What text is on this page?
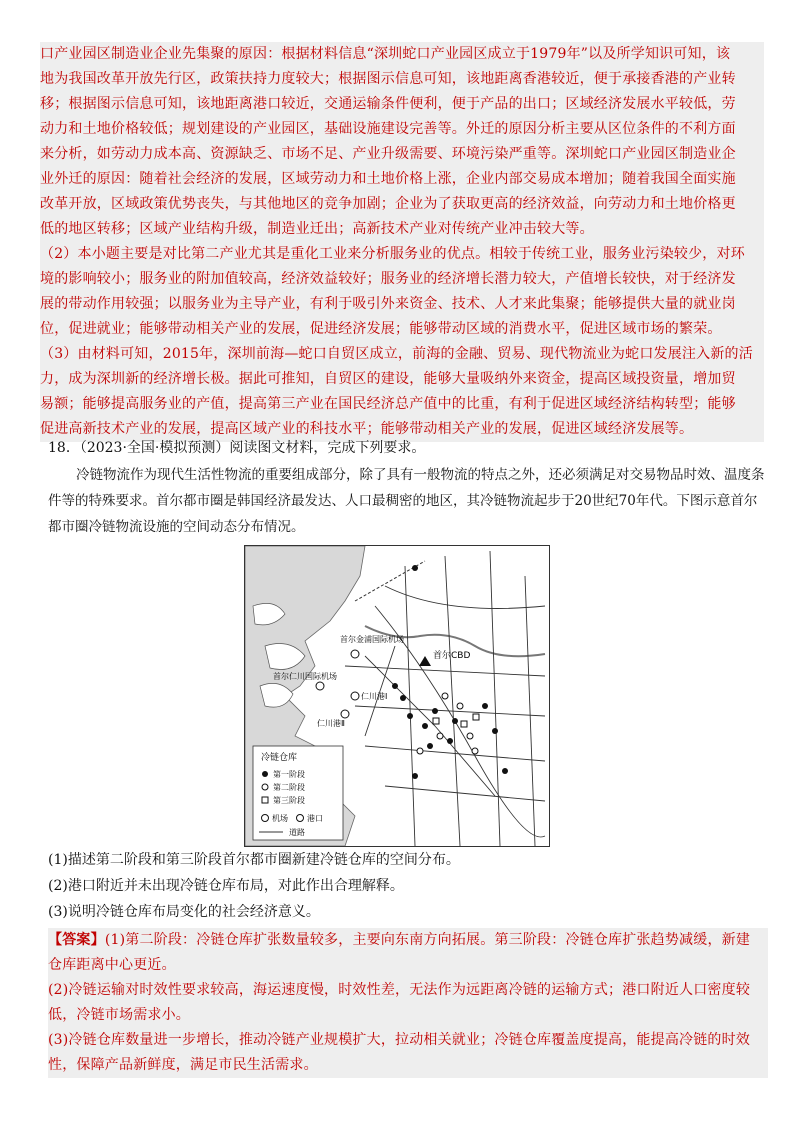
口产业园区制造业企业先集聚的原因：根据材料信息“深圳蛇口产业园区成立于1979年”以及所学知识可知，该

地为我国改革开放先行区，政策扶持力度较大；根据图示信息可知，该地距离香港较近，便于承接香港的产业转

移；根据图示信息可知，该地距离港口较近，交通运输条件便利，便于产品的出口；区域经济发展水平较低，劳

动力和土地价格较低；规划建设的产业园区，基础设施建设完善等。外迁的原因分析主要从区位条件的不利方面

来分析，如劳动力成本高、资源缺乏、市场不足、产业升级需要、环境污染严重等。深圳蛇口产业园区制造业企

业外迁的原因：随着社会经济的发展，区域劳动力和土地价格上涨，企业内部交易成本增加；随着我国全面实施

改革开放，区域政策优势丧失，与其他地区的竞争加剧；企业为了获取更高的经济效益，向劳动力和土地价格更

低的地区转移；区域产业结构升级，制造业迁出；高新技术产业对传统产业冲击较大等。

（2）本小题主要是对比第二产业尤其是重化工业来分析服务业的优点。相较于传统工业，服务业污染较少，对环

境的影响较小；服务业的附加值较高，经济效益较好；服务业的经济增长潜力较大，产值增长较快，对于经济发

展的带动作用较强；以服务业为主导产业，有利于吸引外来资金、技术、人才来此集聚；能够提供大量的就业岗

位，促进就业；能够带动相关产业的发展，促进经济发展；能够带动区域的消费水平，促进区域市场的繁荣。

（3）由材料可知，2015年，深圳前海—蛇口自贸区成立，前海的金融、贸易、现代物流业为蛇口发展注入新的活

力，成为深圳新的经济增长极。据此可推知，自贸区的建设，能够大量吸纳外来资金，提高区域投资量，增加贸

易额；能够提高服务业的产值，提高第三产业在国民经济总产值中的比重，有利于促进区域经济结构转型；能够

促进高新技术产业的发展，提高区域产业的科技水平；能够带动相关产业的发展，促进区域经济发展等。

18．（2023·全国·模拟预测）阅读图文材料，完成下列要求。
冷链物流作为现代生活性物流的重要组成部分，除了具有一般物流的特点之外，还必须满足对交易物品时效、温度条件等的特殊要求。首尔都市圈是韩国经济最发达、人口最稠密的地区，其冷链物流起步于20世纪70年代。下图示意首尔都市圈冷链物流设施的空间动态分布情况。
首尔CBD
首尔金浦国际机场
首尔仁川国际机场
仁川港Ⅰ
仁川港Ⅱ
冷链仓库
第一阶段
第二阶段
第三阶段
机场 港口
道路
(1)描述第二阶段和第三阶段首尔都市圈新建冷链仓库的空间分布。
(2)港口附近并未出现冷链仓库布局，对此作出合理解释。
(3)说明冷链仓库布局变化的社会经济意义。

【答案】(1)第二阶段：冷链仓库扩张数量较多，主要向东南方向拓展。第三阶段：冷链仓库扩张趋势减缓，新建

仓库距离中心更近。

(2)冷链运输对时效性要求较高，海运速度慢，时效性差，无法作为远距离冷链的运输方式；港口附近人口密度较

低，冷链市场需求小。

(3)冷链仓库数量进一步增长，推动冷链产业规模扩大，拉动相关就业；冷链仓库覆盖度提高，能提高冷链的时效

性，保障产品新鲜度，满足市民生活需求。
